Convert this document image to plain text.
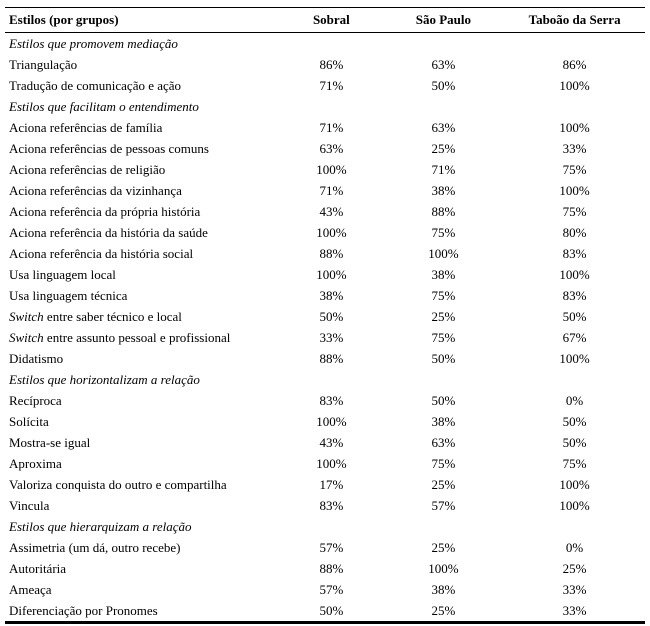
Estilos (por grupos)	Sobral	São Paulo	Taboão da Serra
Estilos que promovem mediação			
Triangulação	86%	63%	86%
Tradução de comunicação e ação	71%	50%	100%
Estilos que facilitam o entendimento			
Aciona referências de família	71%	63%	100%
Aciona referências de pessoas comuns	63%	25%	33%
Aciona referências de religião	100%	71%	75%
Aciona referências da vizinhança	71%	38%	100%
Aciona referência da própria história	43%	88%	75%
Aciona referência da história da saúde	100%	75%	80%
Aciona referência da história social	88%	100%	83%
Usa linguagem local	100%	38%	100%
Usa linguagem técnica	38%	75%	83%
Switch entre saber técnico e local	50%	25%	50%
Switch entre assunto pessoal e profissional	33%	75%	67%
Didatismo	88%	50%	100%
Estilos que horizontalizam a relação			
Recíproca	83%	50%	0%
Solícita	100%	38%	50%
Mostra-se igual	43%	63%	50%
Aproxima	100%	75%	75%
Valoriza conquista do outro e compartilha	17%	25%	100%
Vincula	83%	57%	100%
Estilos que hierarquizam a relação			
Assimetria (um dá, outro recebe)	57%	25%	0%
Autoritária	88%	100%	25%
Ameaça	57%	38%	33%
Diferenciação por Pronomes	50%	25%	33%
